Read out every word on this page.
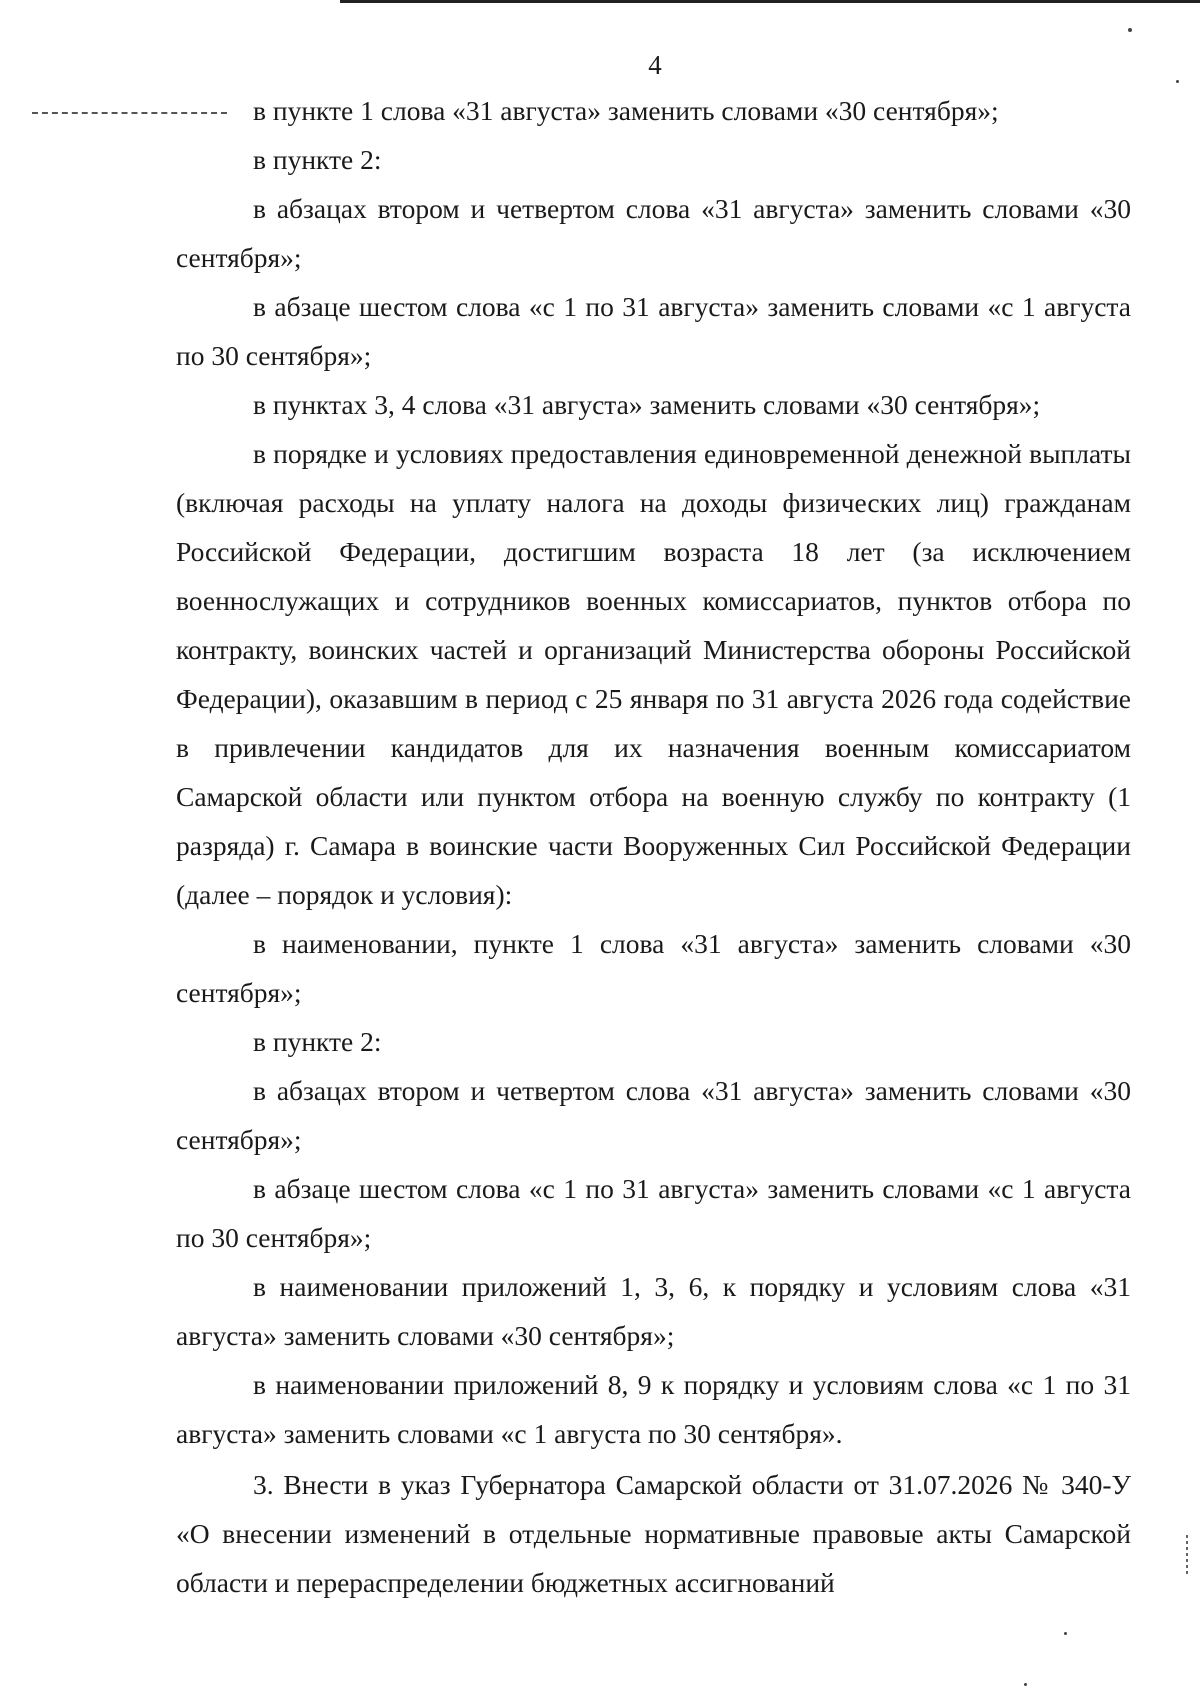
4

в пункте 1 слова «31 августа» заменить словами «30 сентября»;

в пункте 2:

в абзацах втором и четвертом слова «31 августа» заменить словами «30 сентября»;

в абзаце шестом слова «с 1 по 31 августа» заменить словами «с 1 августа по 30 сентября»;

в пунктах 3, 4 слова «31 августа» заменить словами «30 сентября»;

в порядке и условиях предоставления единовременной денежной выплаты (включая расходы на уплату налога на доходы физических лиц) гражданам Российской Федерации, достигшим возраста 18 лет (за исключением военнослужащих и сотрудников военных комиссариатов, пунктов отбора по контракту, воинских частей и организаций Министерства обороны Российской Федерации), оказавшим в период с 25 января по 31 августа 2026 года содействие в привлечении кандидатов для их назначения военным комиссариатом Самарской области или пунктом отбора на военную службу по контракту (1 разряда) г. Самара в воинские части Вооруженных Сил Российской Федерации (далее – порядок и условия):

в наименовании, пункте 1 слова «31 августа» заменить словами «30 сентября»;

в пункте 2:

в абзацах втором и четвертом слова «31 августа» заменить словами «30 сентября»;

в абзаце шестом слова «с 1 по 31 августа» заменить словами «с 1 августа по 30 сентября»;

в наименовании приложений 1, 3, 6, к порядку и условиям слова «31 августа» заменить словами «30 сентября»;

в наименовании приложений 8, 9 к порядку и условиям слова «с 1 по 31 августа» заменить словами «с 1 августа по 30 сентября».

3. Внести в указ Губернатора Самарской области от 31.07.2026 № 340-У «О внесении изменений в отдельные нормативные правовые акты Самарской области и перераспределении бюджетных ассигнований
